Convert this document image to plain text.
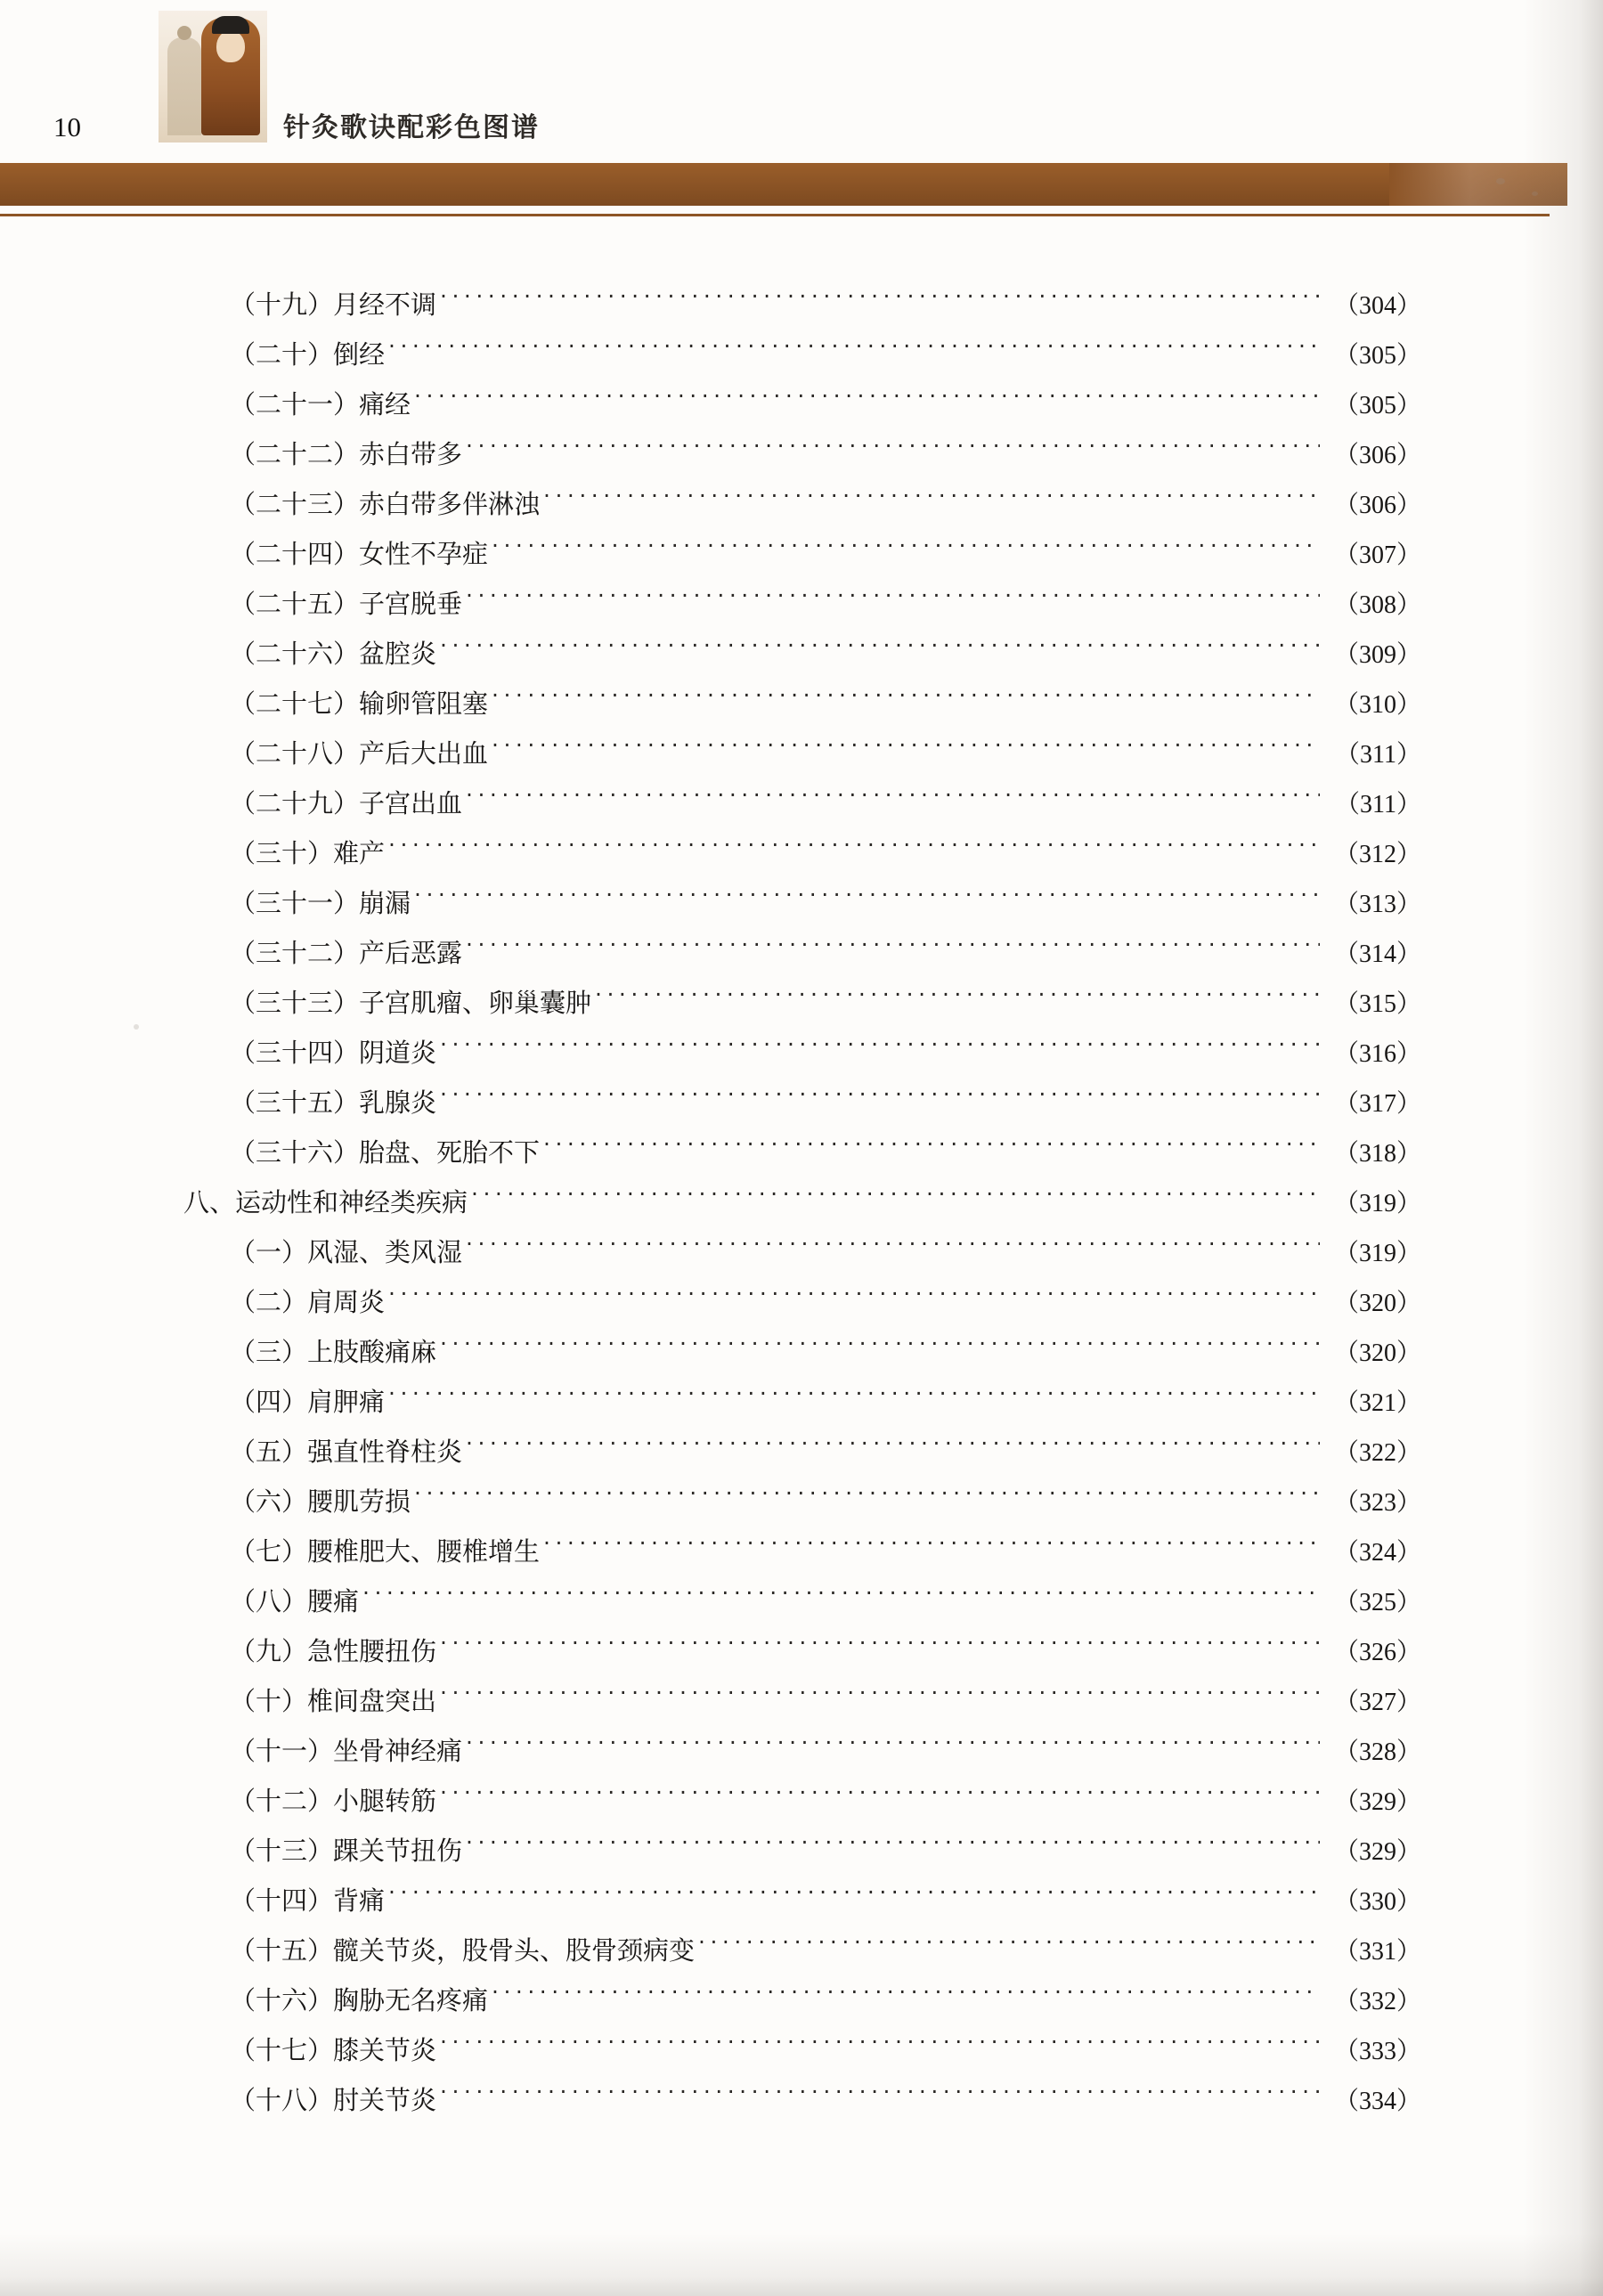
10	针灸歌诀配彩色图谱
（十九）月经不调 ·····	（304）
（二十）倒经 ·····	（305）
（二十一）痛经 ·····	（305）
（二十二）赤白带多 ·····	（306）
（二十三）赤白带多伴淋浊 ·····	（306）
（二十四）女性不孕症 ·····	（307）
（二十五）子宫脱垂 ·····	（308）
（二十六）盆腔炎 ·····	（309）
（二十七）输卵管阻塞 ·····	（310）
（二十八）产后大出血 ·····	（311）
（二十九）子宫出血 ·····	（311）
（三十）难产 ·····	（312）
（三十一）崩漏 ·····	（313）
（三十二）产后恶露 ·····	（314）
（三十三）子宫肌瘤、卵巢囊肿 ·····	（315）
（三十四）阴道炎 ·····	（316）
（三十五）乳腺炎 ·····	（317）
（三十六）胎盘、死胎不下 ·····	（318）
八、运动性和神经类疾病 ·····	（319）
（一）风湿、类风湿 ·····	（319）
（二）肩周炎 ·····	（320）
（三）上肢酸痛麻 ·····	（320）
（四）肩胛痛 ·····	（321）
（五）强直性脊柱炎 ·····	（322）
（六）腰肌劳损 ·····	（323）
（七）腰椎肥大、腰椎增生 ·····	（324）
（八）腰痛 ·····	（325）
（九）急性腰扭伤 ·····	（326）
（十）椎间盘突出 ·····	（327）
（十一）坐骨神经痛 ·····	（328）
（十二）小腿转筋 ·····	（329）
（十三）踝关节扭伤 ·····	（329）
（十四）背痛 ·····	（330）
（十五）髋关节炎，股骨头、股骨颈病变 ·····	（331）
（十六）胸胁无名疼痛 ·····	（332）
（十七）膝关节炎 ·····	（333）
（十八）肘关节炎 ·····	（334）
